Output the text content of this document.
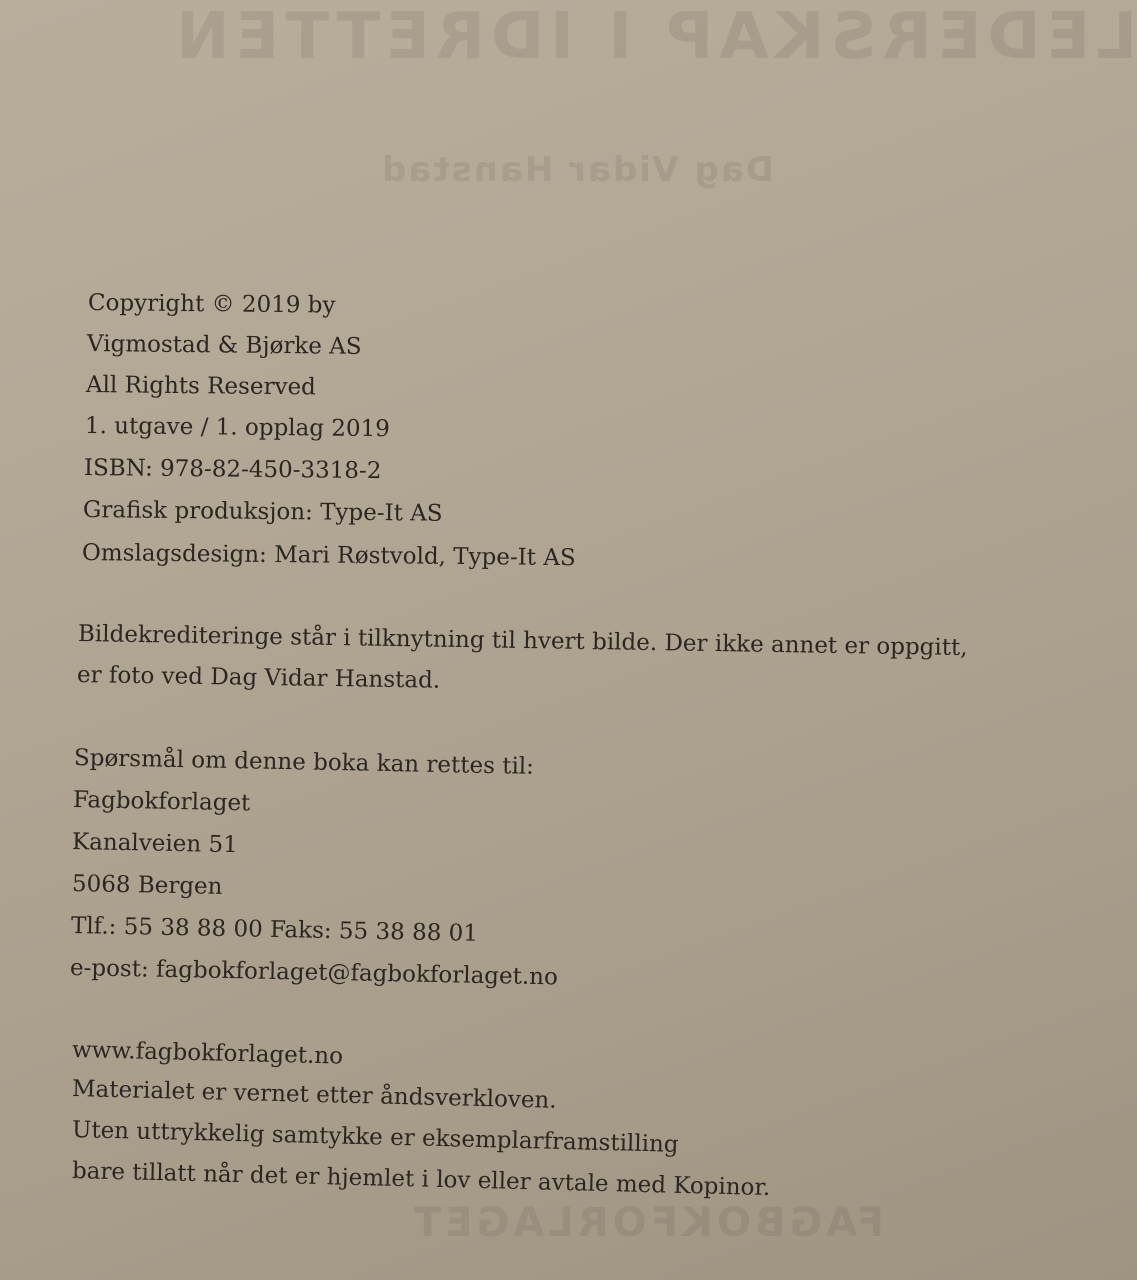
LEDERSKAP I IDRETTEN
Dag Vidar Hanstad
FAGBOKFORLAGET
Copyright © 2019 by
Vigmostad & Bjørke AS
All Rights Reserved
1. utgave / 1. opplag 2019
ISBN: 978-82-450-3318-2
Grafisk produksjon: Type-It AS
Omslagsdesign: Mari Røstvold, Type-It AS
Bildekrediteringe står i tilknytning til hvert bilde. Der ikke annet er oppgitt,
er foto ved Dag Vidar Hanstad.
Spørsmål om denne boka kan rettes til:
Fagbokforlaget
Kanalveien 51
5068 Bergen
Tlf.: 55 38 88 00 Faks: 55 38 88 01
e-post: fagbokforlaget@fagbokforlaget.no
www.fagbokforlaget.no
Materialet er vernet etter åndsverkloven.
Uten uttrykkelig samtykke er eksemplarframstilling
bare tillatt når det er hjemlet i lov eller avtale med Kopinor.
